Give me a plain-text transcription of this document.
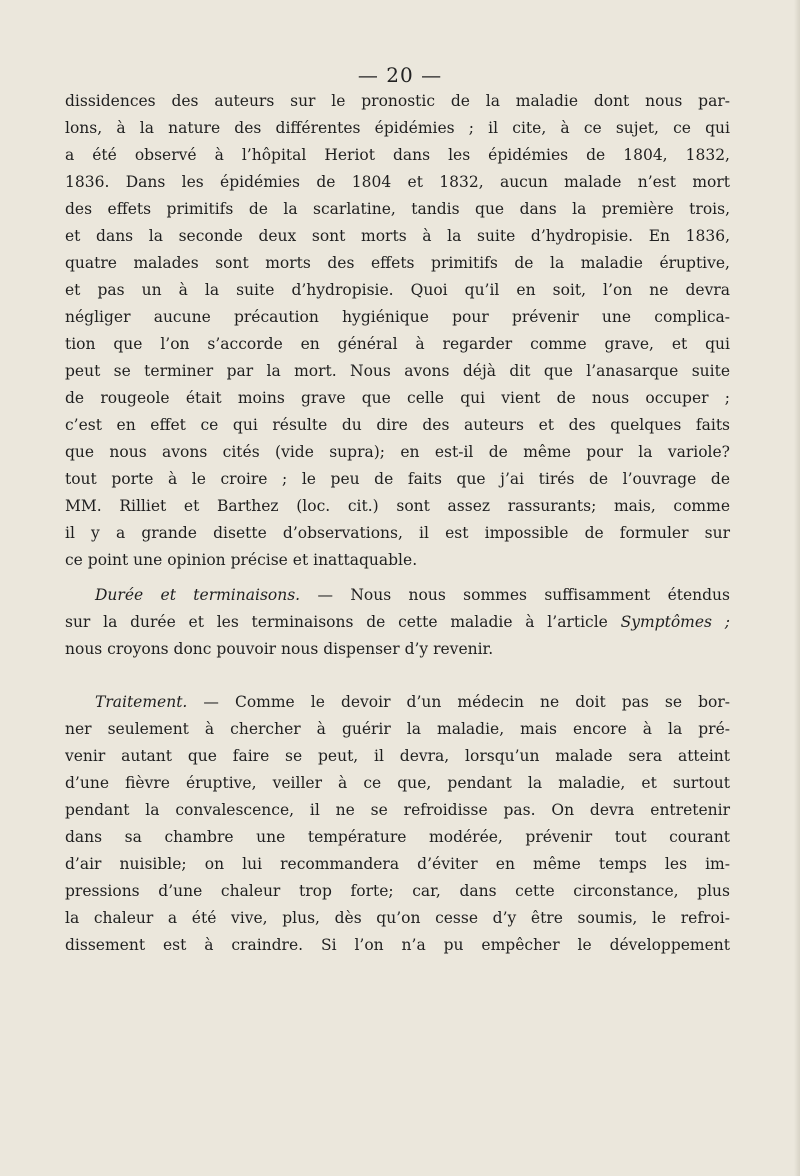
— 20 —
dissidences des auteurs sur le pronostic de la maladie dont nous par-
lons, à la nature des différentes épidémies ; il cite, à ce sujet, ce qui
a été observé à l’hôpital Heriot dans les épidémies de 1804, 1832,
1836. Dans les épidémies de 1804 et 1832, aucun malade n’est mort
des effets primitifs de la scarlatine, tandis que dans la première trois,
et dans la seconde deux sont morts à la suite d’hydropisie. En 1836,
quatre malades sont morts des effets primitifs de la maladie éruptive,
et pas un à la suite d’hydropisie. Quoi qu’il en soit, l’on ne devra
négliger aucune précaution hygiénique pour prévenir une complica-
tion que l’on s’accorde en général à regarder comme grave, et qui
peut se terminer par la mort. Nous avons déjà dit que l’anasarque suite
de rougeole était moins grave que celle qui vient de nous occuper ;
c’est en effet ce qui résulte du dire des auteurs et des quelques faits
que nous avons cités (vide supra); en est-il de même pour la variole?
tout porte à le croire ; le peu de faits que j’ai tirés de l’ouvrage de
MM. Rilliet et Barthez (loc. cit.) sont assez rassurants; mais, comme
il y a grande disette d’observations, il est impossible de formuler sur
ce point une opinion précise et inattaquable.
Durée et terminaisons. — Nous nous sommes suffisamment étendus
sur la durée et les terminaisons de cette maladie à l’article Symptômes ;
nous croyons donc pouvoir nous dispenser d’y revenir.
Traitement. — Comme le devoir d’un médecin ne doit pas se bor-
ner seulement à chercher à guérir la maladie, mais encore à la pré-
venir autant que faire se peut, il devra, lorsqu’un malade sera atteint
d’une fièvre éruptive, veiller à ce que, pendant la maladie, et surtout
pendant la convalescence, il ne se refroidisse pas. On devra entretenir
dans sa chambre une température modérée, prévenir tout courant
d’air nuisible; on lui recommandera d’éviter en même temps les im-
pressions d’une chaleur trop forte; car, dans cette circonstance, plus
la chaleur a été vive, plus, dès qu’on cesse d’y être soumis, le refroi-
dissement est à craindre. Si l’on n’a pu empêcher le développement
